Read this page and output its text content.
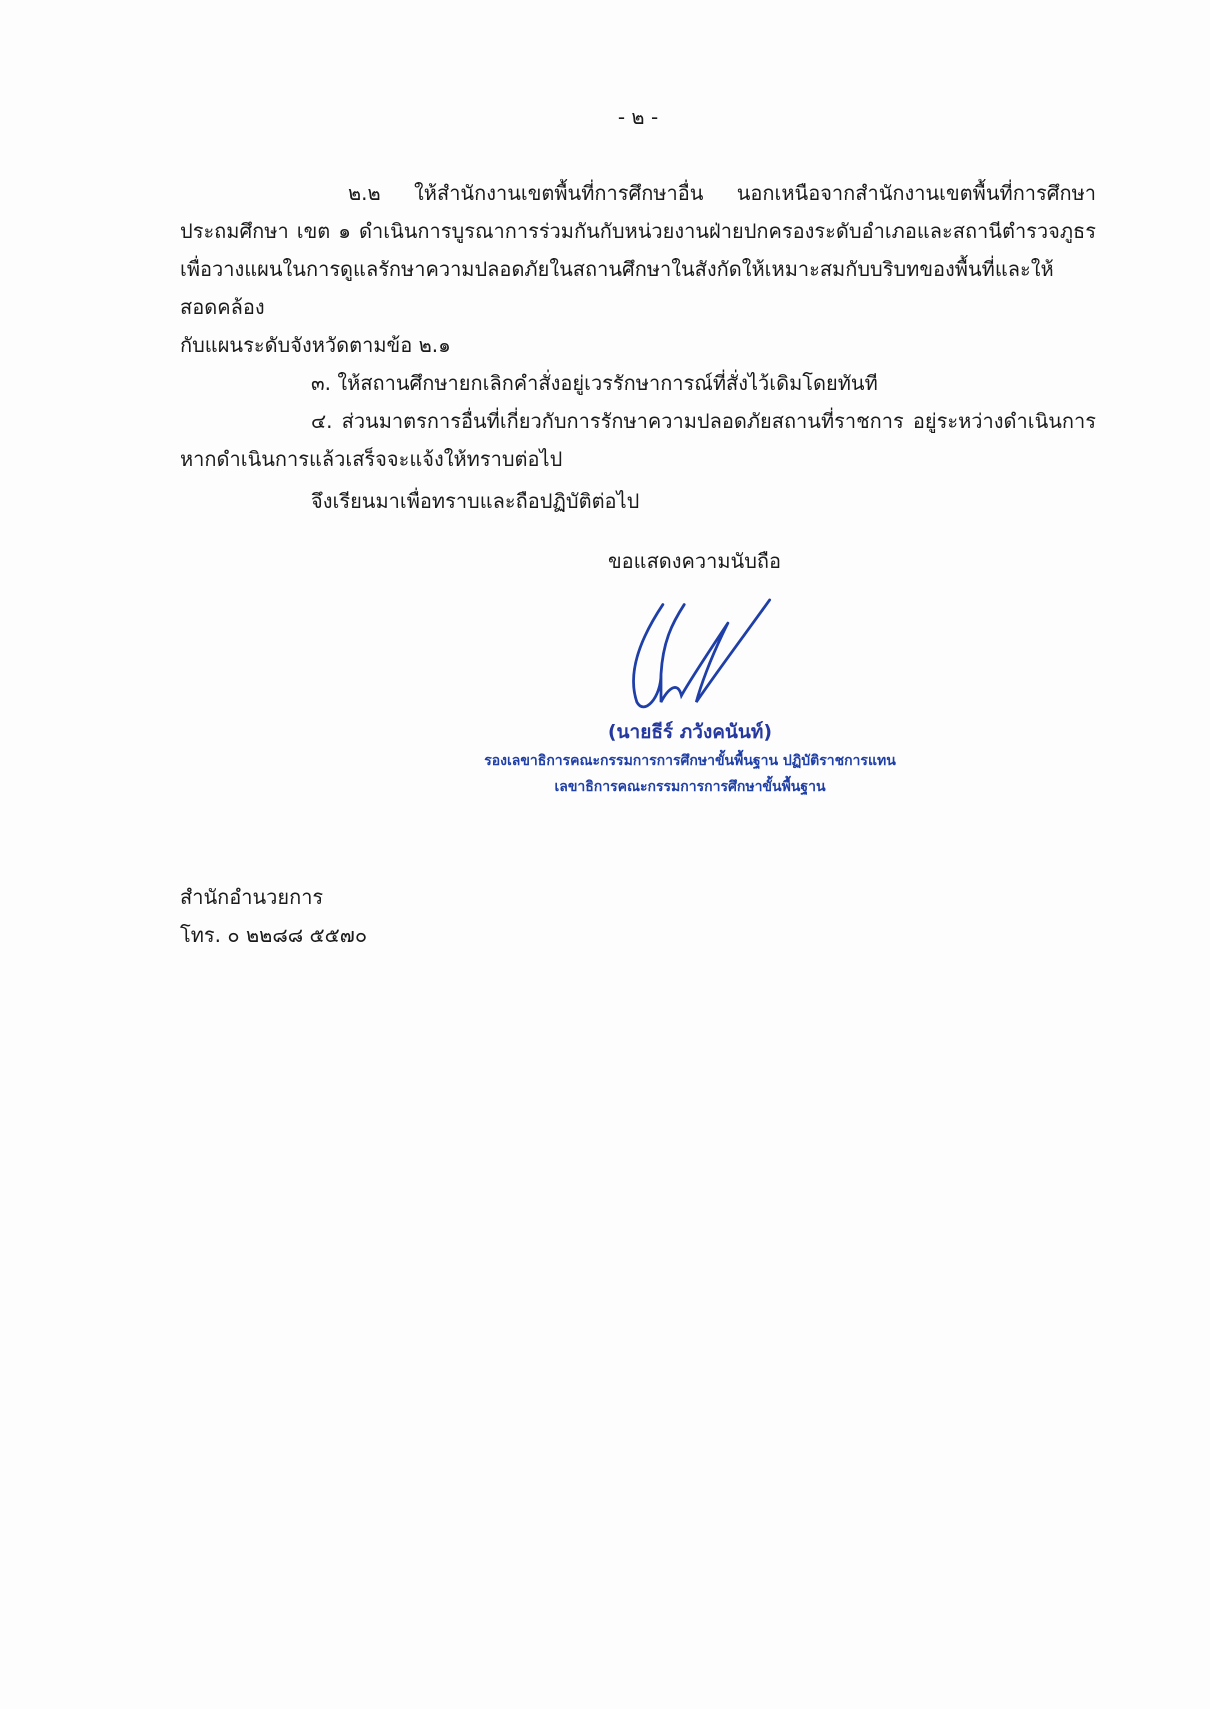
- ๒ -
๒.๒ ให้สำนักงานเขตพื้นที่การศึกษาอื่น นอกเหนือจากสำนักงานเขตพื้นที่การศึกษา
ประถมศึกษา เขต ๑ ดำเนินการบูรณาการร่วมกันกับหน่วยงานฝ่ายปกครองระดับอำเภอและสถานีตำรวจภูธร
เพื่อวางแผนในการดูแลรักษาความปลอดภัยในสถานศึกษาในสังกัดให้เหมาะสมกับบริบทของพื้นที่และให้สอดคล้อง
กับแผนระดับจังหวัดตามข้อ ๒.๑
๓. ให้สถานศึกษายกเลิกคำสั่งอยู่เวรรักษาการณ์ที่สั่งไว้เดิมโดยทันที
๔. ส่วนมาตรการอื่นที่เกี่ยวกับการรักษาความปลอดภัยสถานที่ราชการ อยู่ระหว่างดำเนินการ
หากดำเนินการแล้วเสร็จจะแจ้งให้ทราบต่อไป
จึงเรียนมาเพื่อทราบและถือปฏิบัติต่อไป
ขอแสดงความนับถือ
(นายธีร์ ภวังคนันท์)
รองเลขาธิการคณะกรรมการการศึกษาขั้นพื้นฐาน ปฏิบัติราชการแทน
เลขาธิการคณะกรรมการการศึกษาขั้นพื้นฐาน
สำนักอำนวยการ
โทร. ๐ ๒๒๘๘ ๕๕๗๐
